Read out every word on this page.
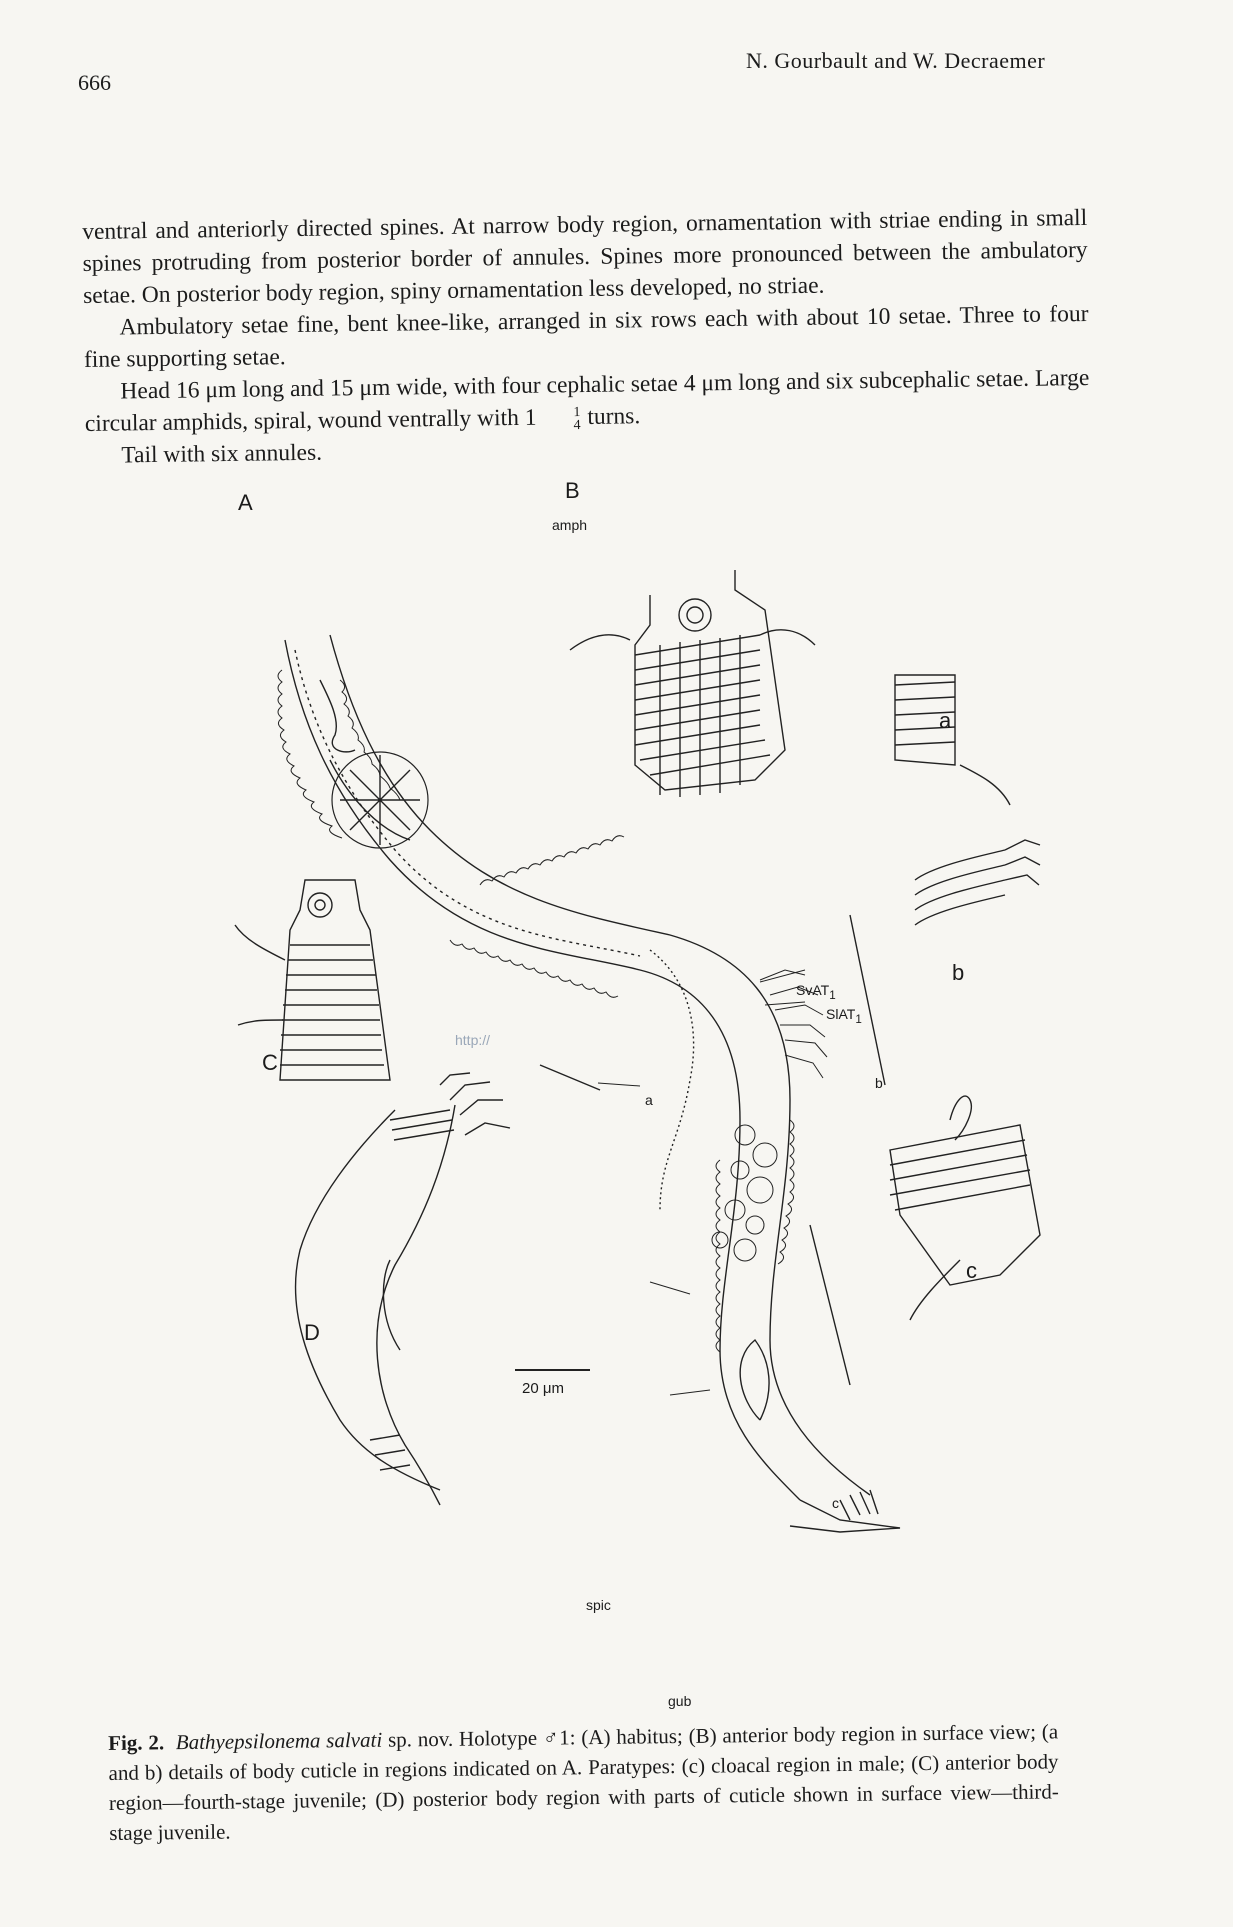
666
N. Gourbault and W. Decraemer

ventral and anteriorly directed spines. At narrow body region, ornamentation with striae ending in small spines protruding from posterior border of annules. Spines more pronounced between the ambulatory setae. On posterior body region, spiny ornamentation less developed, no striae.

Ambulatory setae fine, bent knee-like, arranged in six rows each with about 10 setae. Three to four fine supporting setae.

Head 16 μm long and 15 μm wide, with four cephalic setae 4 μm long and six subcephalic setae. Large circular amphids, spiral, wound ventrally with 1	1
4 turns.

Tail with six annules.

A	B
C
D
a
b
c
amph
SvAT$_1$
SlAT$_1$
a
b
c
spic
gub
http://
20 μm
Fig. 2. Bathyepsilonema salvati sp. nov. Holotype ♂1: (A) habitus; (B) anterior body region in surface view; (a and b) details of body cuticle in regions indicated on A. Paratypes: (c) cloacal region in male; (C) anterior body region—fourth-stage juvenile; (D) posterior body region with parts of cuticle shown in surface view—third-stage juvenile.
